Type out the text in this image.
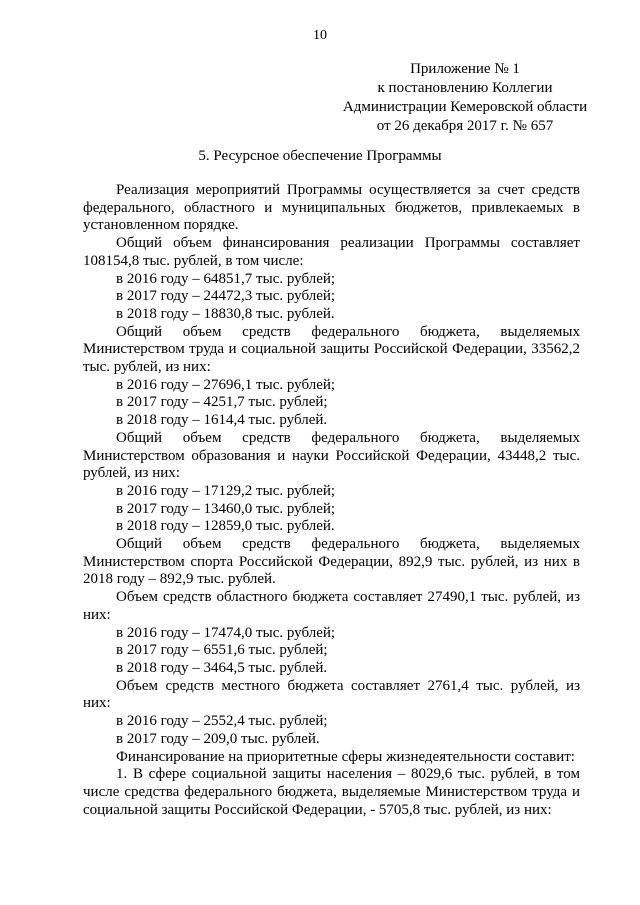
10
Приложение № 1
к постановлению Коллегии
Администрации Кемеровской области
от 26 декабря 2017 г. № 657
5. Ресурсное обеспечение Программы

Реализация мероприятий Программы осуществляется за счет средств федерального, областного и муниципальных бюджетов, привлекаемых в установленном порядке.

Общий объем финансирования реализации Программы составляет 108154,8 тыс. рублей, в том числе:

в 2016 году – 64851,7 тыс. рублей;

в 2017 году – 24472,3 тыс. рублей;

в 2018 году – 18830,8 тыс. рублей.

Общий объем средств федерального бюджета, выделяемых Министерством труда и социальной защиты Российской Федерации, 33562,2 тыс. рублей, из них:

в 2016 году – 27696,1 тыс. рублей;

в 2017 году – 4251,7 тыс. рублей;

в 2018 году – 1614,4 тыс. рублей.

Общий объем средств федерального бюджета, выделяемых Министерством образования и науки Российской Федерации, 43448,2 тыс. рублей, из них:

в 2016 году – 17129,2 тыс. рублей;

в 2017 году – 13460,0 тыс. рублей;

в 2018 году – 12859,0 тыс. рублей.

Общий объем средств федерального бюджета, выделяемых Министерством спорта Российской Федерации, 892,9 тыс. рублей, из них в 2018 году – 892,9 тыс. рублей.

Объем средств областного бюджета составляет 27490,1 тыс. рублей, из них:

в 2016 году – 17474,0 тыс. рублей;

в 2017 году – 6551,6 тыс. рублей;

в 2018 году – 3464,5 тыс. рублей.

Объем средств местного бюджета составляет 2761,4 тыс. рублей, из них:

в 2016 году – 2552,4 тыс. рублей;

в 2017 году – 209,0 тыс. рублей.

Финансирование на приоритетные сферы жизнедеятельности составит:

1. В сфере социальной защиты населения – 8029,6 тыс. рублей, в том числе средства федерального бюджета, выделяемые Министерством труда и социальной защиты Российской Федерации, - 5705,8 тыс. рублей, из них:
